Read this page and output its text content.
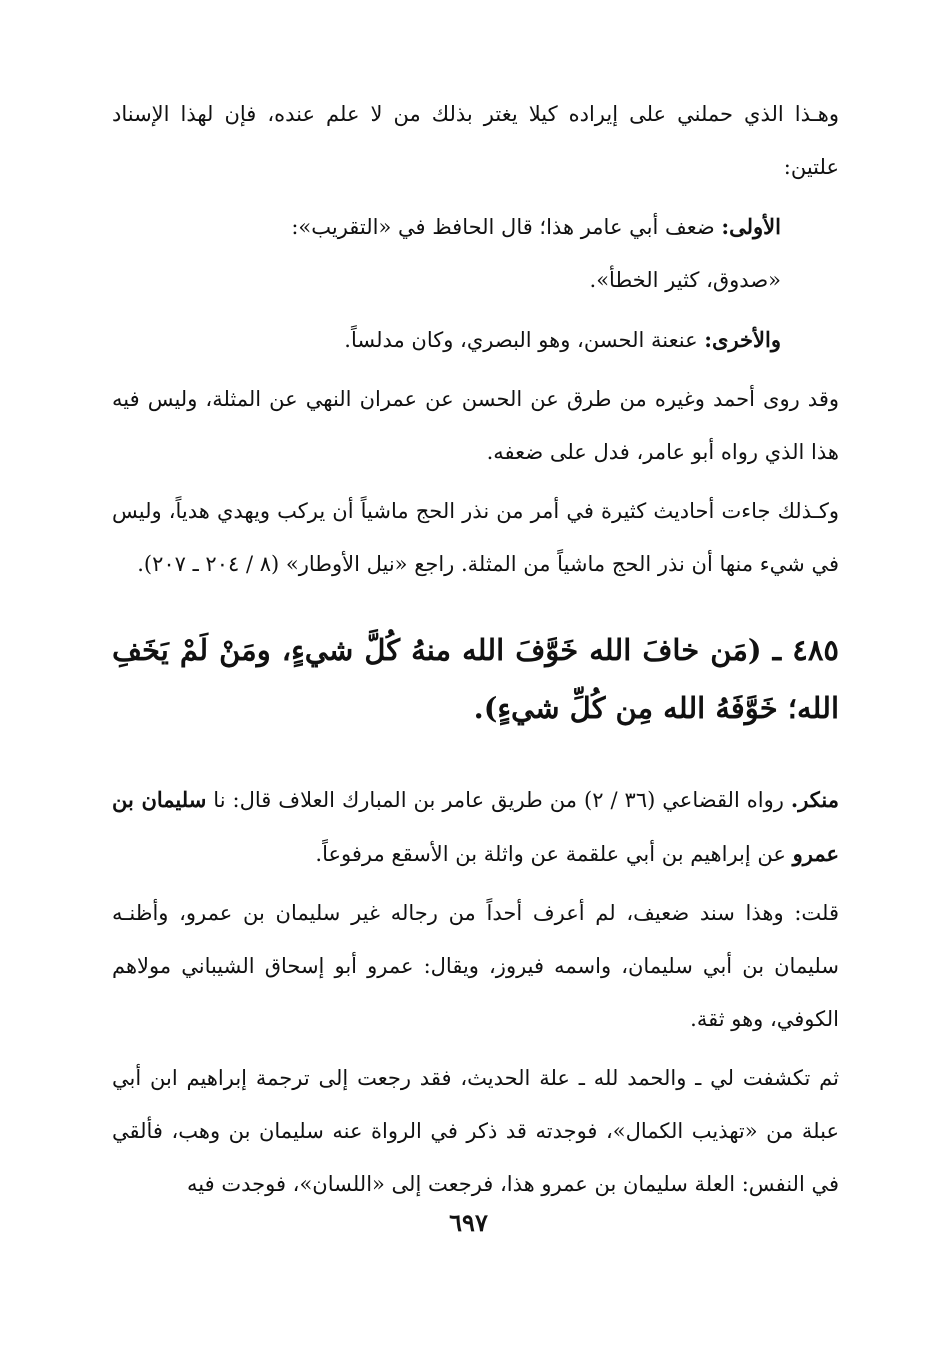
وهـذا الذي حملني على إيراده كيلا يغتر بذلك من لا علم عنده، فإن لهذا الإسناد علتين:

الأولى: ضعف أبي عامر هذا؛ قال الحافظ في «التقريب»:

«صدوق، كثير الخطأ».

والأخرى: عنعنة الحسن، وهو البصري، وكان مدلساً.

وقد روى أحمد وغيره من طرق عن الحسن عن عمران النهي عن المثلة، وليس فيه هذا الذي رواه أبو عامر، فدل على ضعفه.

وكـذلك جاءت أحاديث كثيرة في أمر من نذر الحج ماشياً أن يركب ويهدي هدياً، وليس في شيء منها أن نذر الحج ماشياً من المثلة. راجع «نيل الأوطار» (٨ / ٢٠٤ ـ ٢٠٧).

٤٨٥ ـ (مَن خافَ الله خَوَّفَ الله منهُ كُلَّ شيءٍ، ومَنْ لَمْ يَخَفِ الله؛ خَوَّفَهُ الله مِن كُلِّ شيءٍ).

منكر. رواه القضاعي (٣٦ / ٢) من طريق عامر بن المبارك العلاف قال: نا سليمان بن عمرو عن إبراهيم بن أبي علقمة عن واثلة بن الأسقع مرفوعاً.

قلت: وهذا سند ضعيف، لم أعرف أحداً من رجاله غير سليمان بن عمرو، وأظنـه سليمان بن أبي سليمان، واسمه فيروز، ويقال: عمرو أبو إسحاق الشيباني مولاهم الكوفي، وهو ثقة.

ثم تكشفت لي ـ والحمد لله ـ علة الحديث، فقد رجعت إلى ترجمة إبراهيم ابن أبي عبلة من «تهذيب الكمال»، فوجدته قد ذكر في الرواة عنه سليمان بن وهب، فألقي في النفس: العلة سليمان بن عمرو هذا، فرجعت إلى «اللسان»، فوجدت فيه

٦٩٧
